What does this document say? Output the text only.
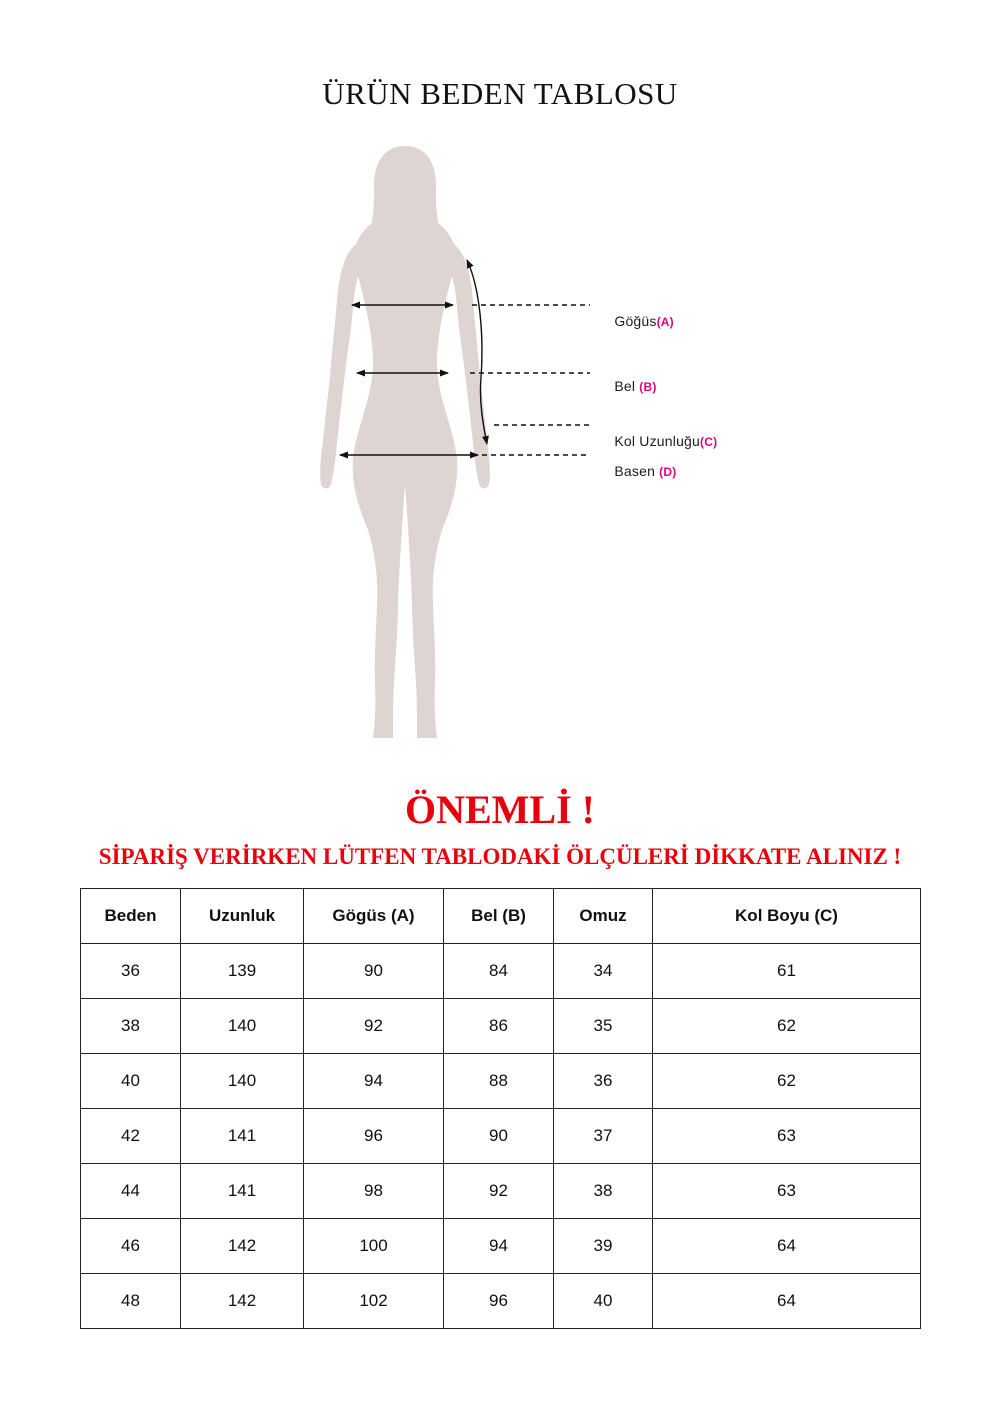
ÜRÜN BEDEN TABLOSU

Göğüs(A)

Bel (B)

Kol Uzunluğu(C)

Basen (D)

ÖNEMLİ !
SİPARİŞ VERİRKEN LÜTFEN TABLODAKİ ÖLÇÜLERİ DİKKATE ALINIZ !
Beden	Uzunluk	Gögüs (A)	Bel (B)	Omuz	Kol Boyu (C)
36	139	90	84	34	61
38	140	92	86	35	62
40	140	94	88	36	62
42	141	96	90	37	63
44	141	98	92	38	63
46	142	100	94	39	64
48	142	102	96	40	64
